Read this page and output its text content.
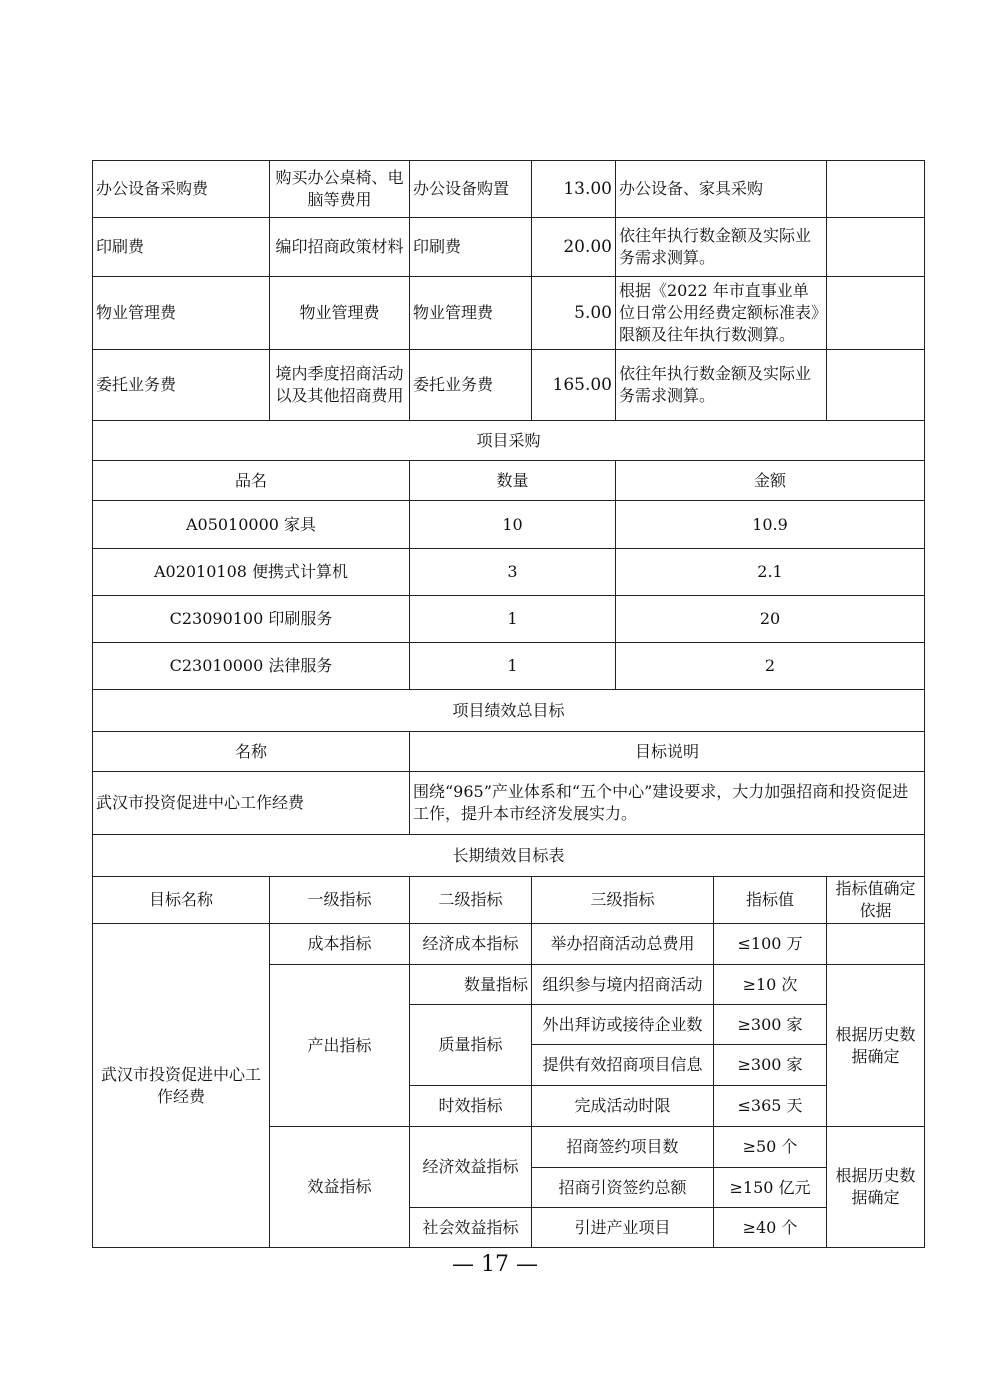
办公设备采购费	购买办公桌椅、电脑等费用	办公设备购置	13.00	办公设备、家具采购		
印刷费	编印招商政策材料	印刷费	20.00	依往年执行数金额及实际业务需求测算。		
物业管理费	物业管理费	物业管理费	5.00	根据《2022 年市直事业单位日常公用经费定额标准表》限额及往年执行数测算。		
委托业务费	境内季度招商活动以及其他招商费用	委托业务费	165.00	依往年执行数金额及实际业务需求测算。		
项目采购						
品名		数量		金额		
A05010000 家具		10		10.9		
A02010108 便携式计算机		3		2.1		
C23090100 印刷服务		1		20		
C23010000 法律服务		1		2		
项目绩效总目标						
名称		目标说明				
武汉市投资促进中心工作经费		围绕“965”产业体系和“五个中心”建设要求，大力加强招商和投资促进工作，提升本市经济发展实力。				
长期绩效目标表						
目标名称	一级指标	二级指标	三级指标		指标值	指标值确定依据
武汉市投资促进中心工作经费	成本指标	经济成本指标	举办招商活动总费用		≤100 万	
	产出指标	数量指标	组织参与境内招商活动		≥10 次	根据历史数据确定
		质量指标	外出拜访或接待企业数		≥300 家	
			提供有效招商项目信息		≥300 家	
		时效指标	完成活动时限		≤365 天	
	效益指标	经济效益指标	招商签约项目数		≥50 个	根据历史数据确定
			招商引资签约总额		≥150 亿元	
		社会效益指标	引进产业项目		≥40 个	
— 17 —
